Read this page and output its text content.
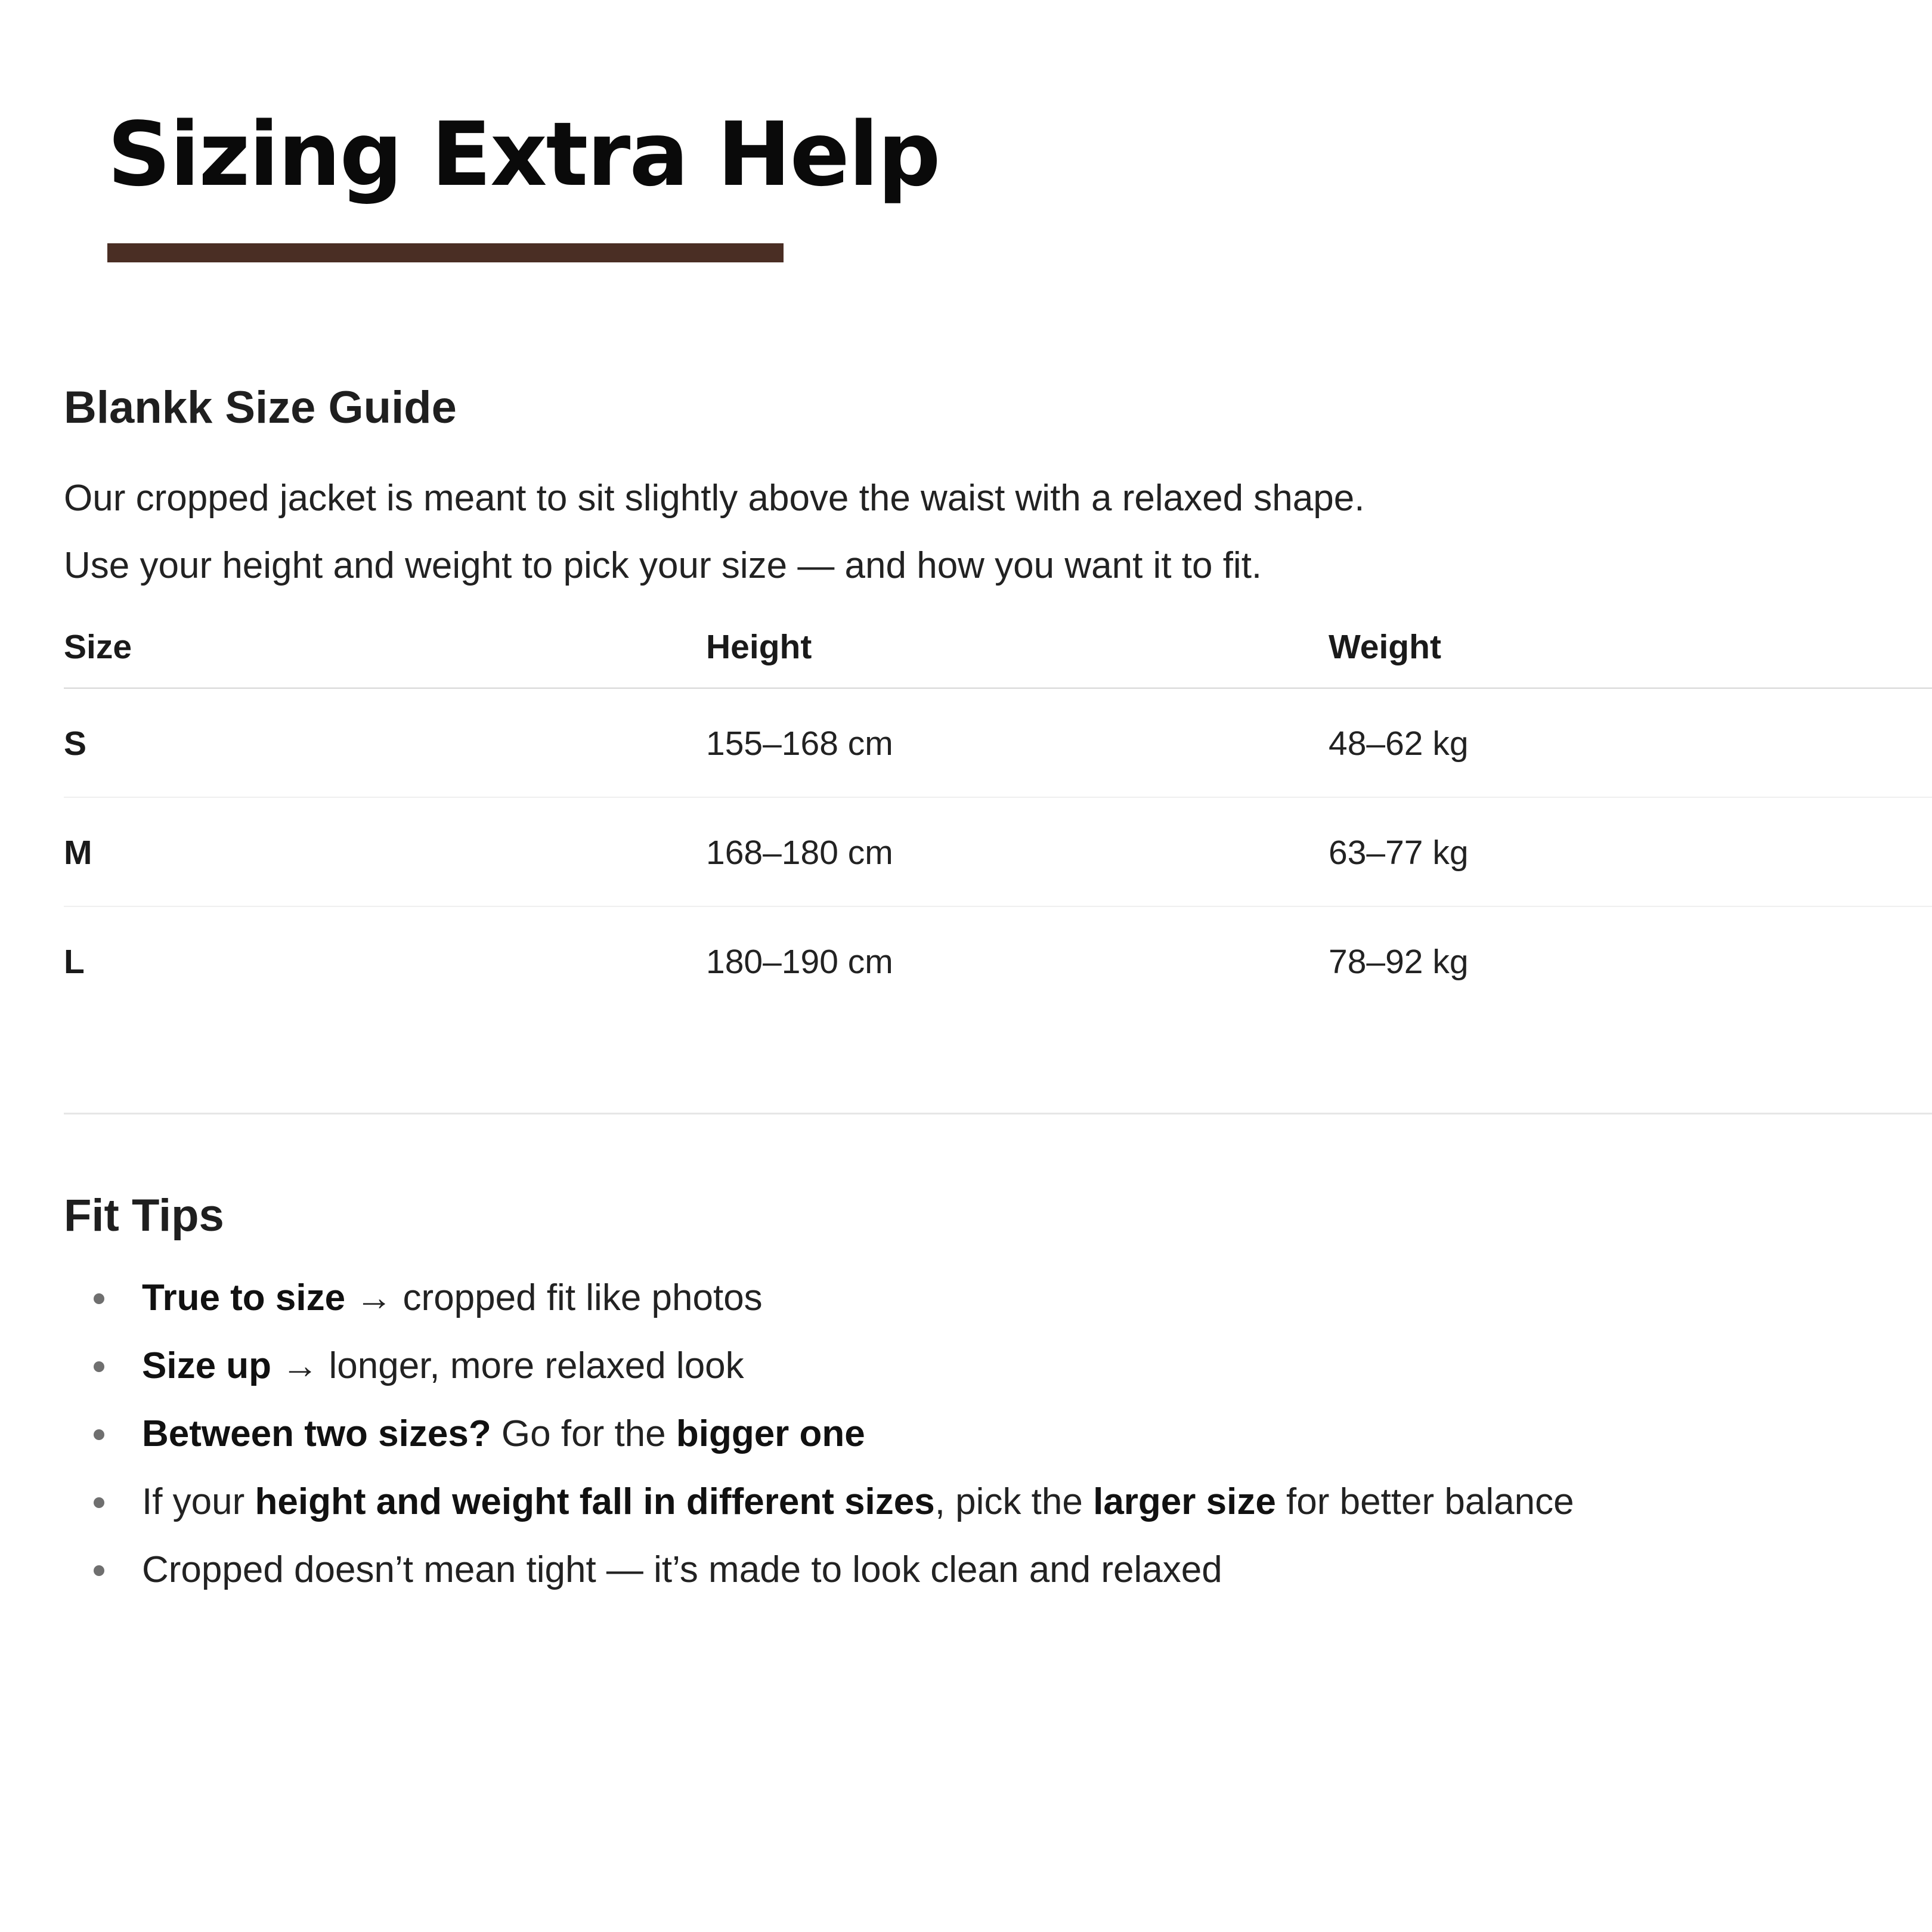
Sizing Extra Help
Blankk Size Guide

Our cropped jacket is meant to sit slightly above the waist with a relaxed shape.

Use your height and weight to pick your size — and how you want it to fit.

Size	Height	Weight
S	155–168 cm	48–62 kg
M	168–180 cm	63–77 kg
L	180–190 cm	78–92 kg
Fit Tips
True to size → cropped fit like photos
Size up → longer, more relaxed look
Between two sizes? Go for the bigger one
If your height and weight fall in different sizes, pick the larger size for better balance
Cropped doesn’t mean tight — it’s made to look clean and relaxed
